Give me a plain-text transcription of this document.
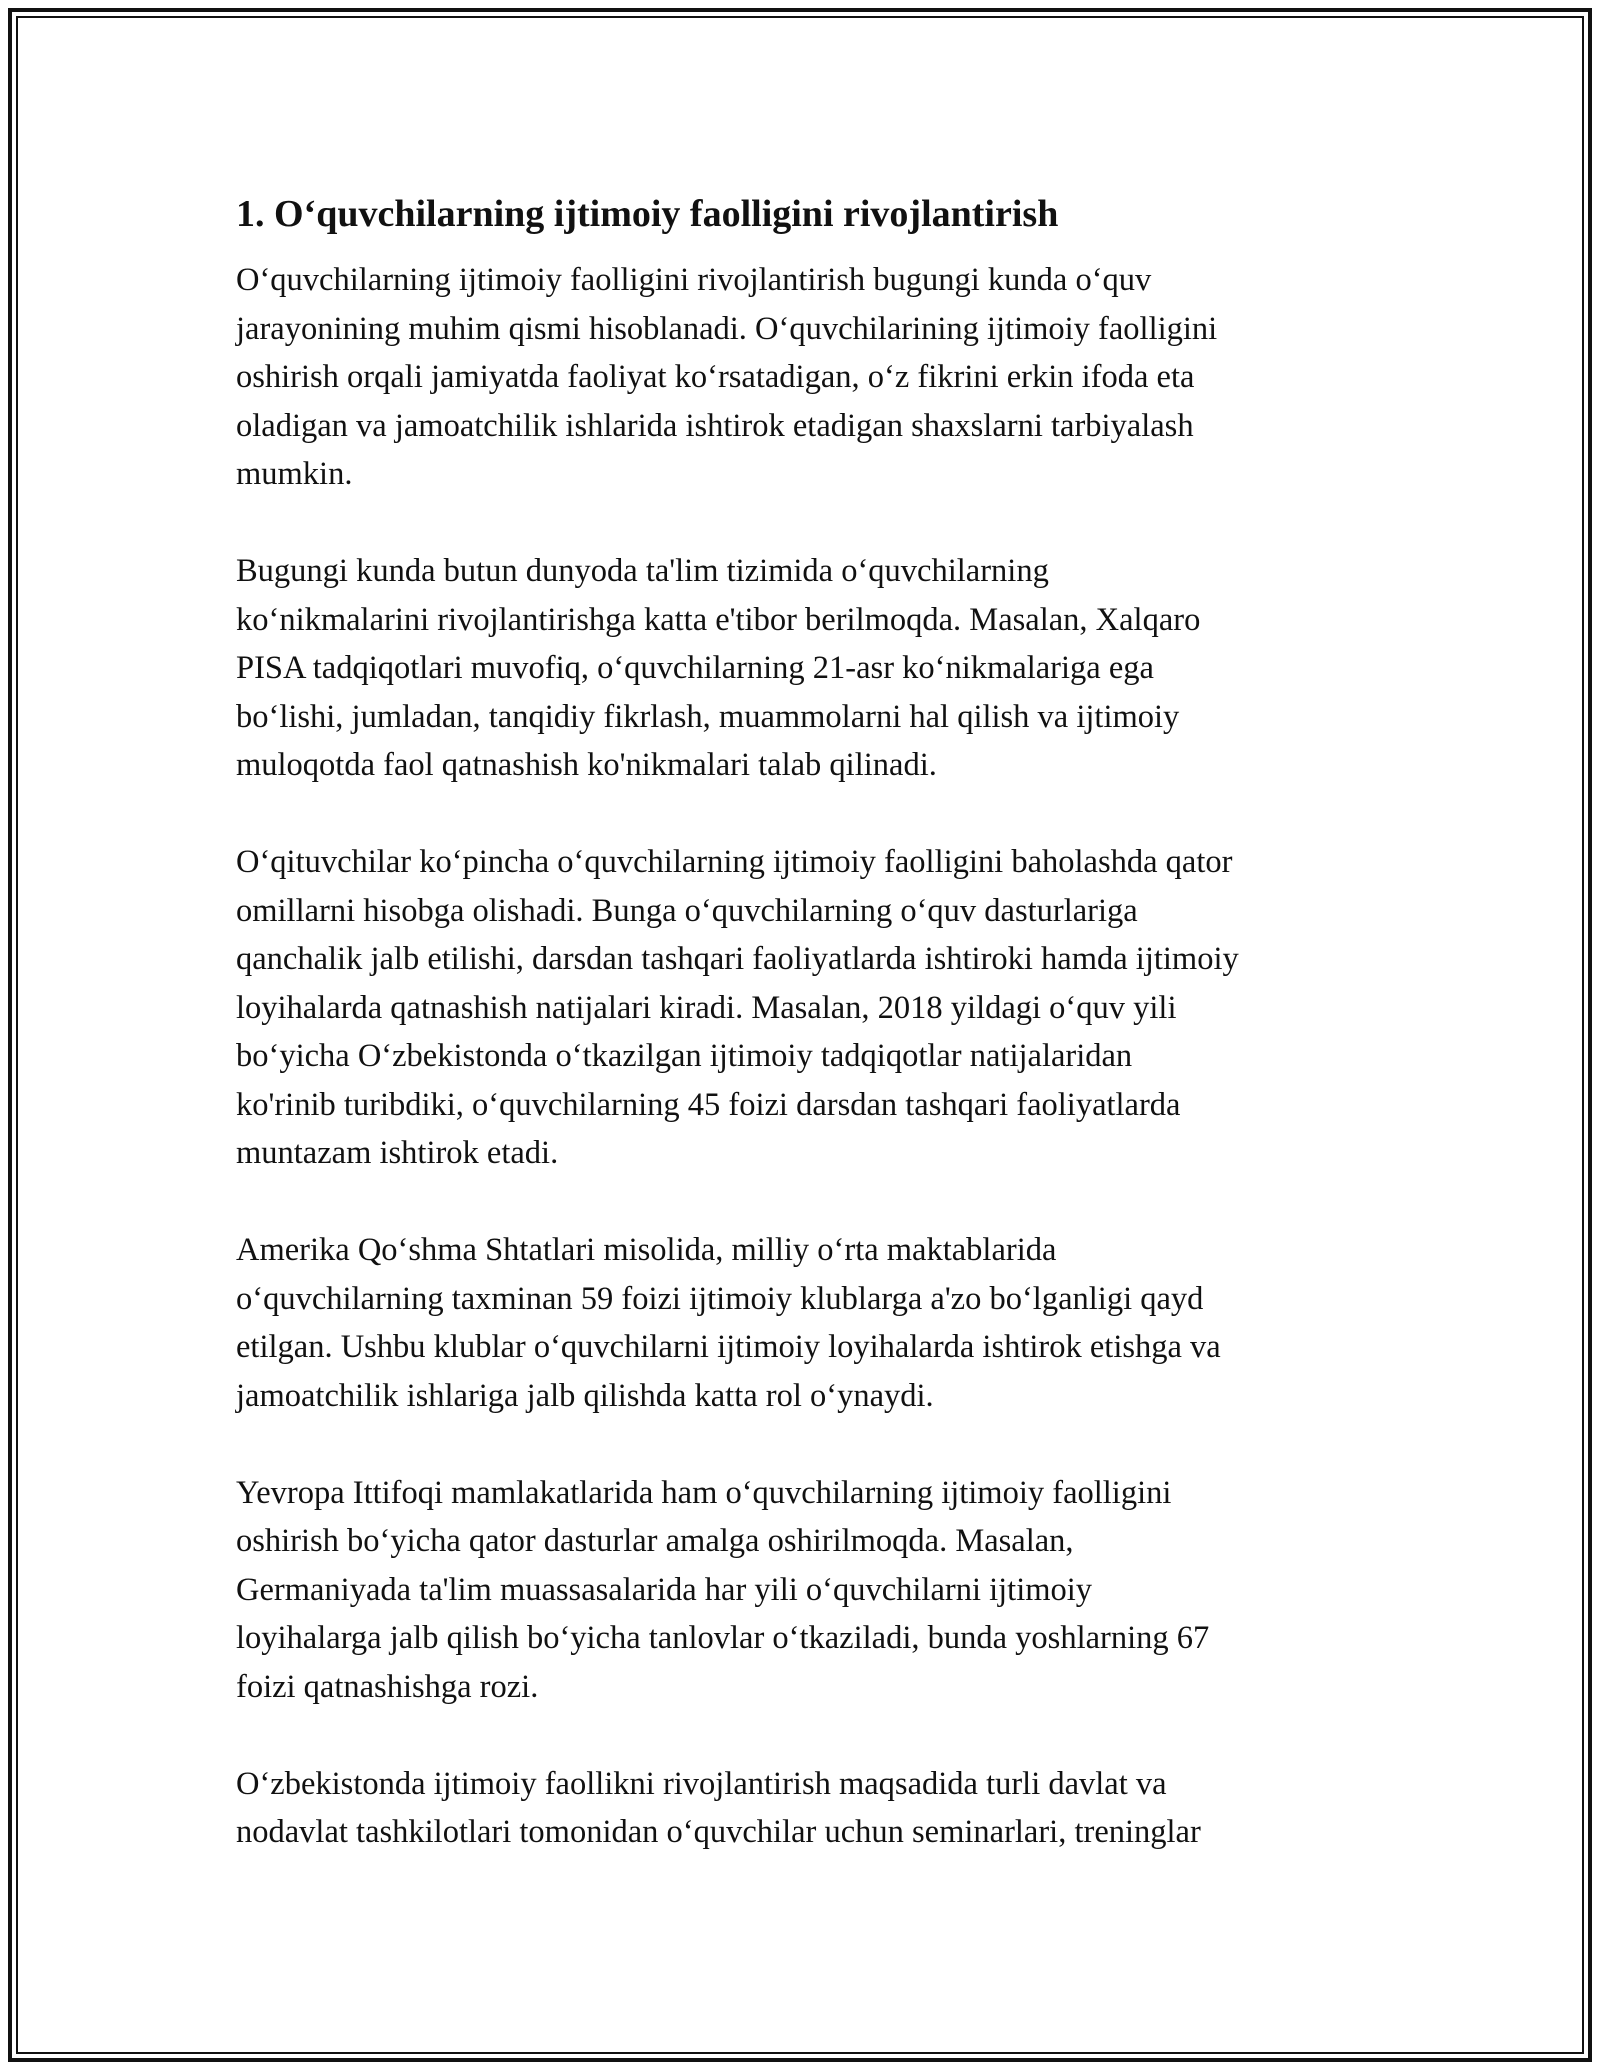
1. Oʻquvchilarning ijtimoiy faolligini rivojlantirish

Oʻquvchilarning ijtimoiy faolligini rivojlantirish bugungi kunda oʻquv
jarayonining muhim qismi hisoblanadi. Oʻquvchilarining ijtimoiy faolligini
oshirish orqali jamiyatda faoliyat koʻrsatadigan, oʻz fikrini erkin ifoda eta
oladigan va jamoatchilik ishlarida ishtirok etadigan shaxslarni tarbiyalash
mumkin.

Bugungi kunda butun dunyoda ta'lim tizimida oʻquvchilarning
koʻnikmalarini rivojlantirishga katta e'tibor berilmoqda. Masalan, Xalqaro
PISA tadqiqotlari muvofiq, oʻquvchilarning 21-asr koʻnikmalariga ega
boʻlishi, jumladan, tanqidiy fikrlash, muammolarni hal qilish va ijtimoiy
muloqotda faol qatnashish ko'nikmalari talab qilinadi.

Oʻqituvchilar koʻpincha oʻquvchilarning ijtimoiy faolligini baholashda qator
omillarni hisobga olishadi. Bunga oʻquvchilarning oʻquv dasturlariga
qanchalik jalb etilishi, darsdan tashqari faoliyatlarda ishtiroki hamda ijtimoiy
loyihalarda qatnashish natijalari kiradi. Masalan, 2018 yildagi oʻquv yili
boʻyicha Oʻzbekistonda oʻtkazilgan ijtimoiy tadqiqotlar natijalaridan
ko'rinib turibdiki, oʻquvchilarning 45 foizi darsdan tashqari faoliyatlarda
muntazam ishtirok etadi.

Amerika Qoʻshma Shtatlari misolida, milliy oʻrta maktablarida
oʻquvchilarning taxminan 59 foizi ijtimoiy klublarga a'zo boʻlganligi qayd
etilgan. Ushbu klublar oʻquvchilarni ijtimoiy loyihalarda ishtirok etishga va
jamoatchilik ishlariga jalb qilishda katta rol oʻynaydi.

Yevropa Ittifoqi mamlakatlarida ham oʻquvchilarning ijtimoiy faolligini
oshirish boʻyicha qator dasturlar amalga oshirilmoqda. Masalan,
Germaniyada ta'lim muassasalarida har yili oʻquvchilarni ijtimoiy
loyihalarga jalb qilish boʻyicha tanlovlar oʻtkaziladi, bunda yoshlarning 67
foizi qatnashishga rozi.

Oʻzbekistonda ijtimoiy faollikni rivojlantirish maqsadida turli davlat va
nodavlat tashkilotlari tomonidan oʻquvchilar uchun seminarlari, treninglar
